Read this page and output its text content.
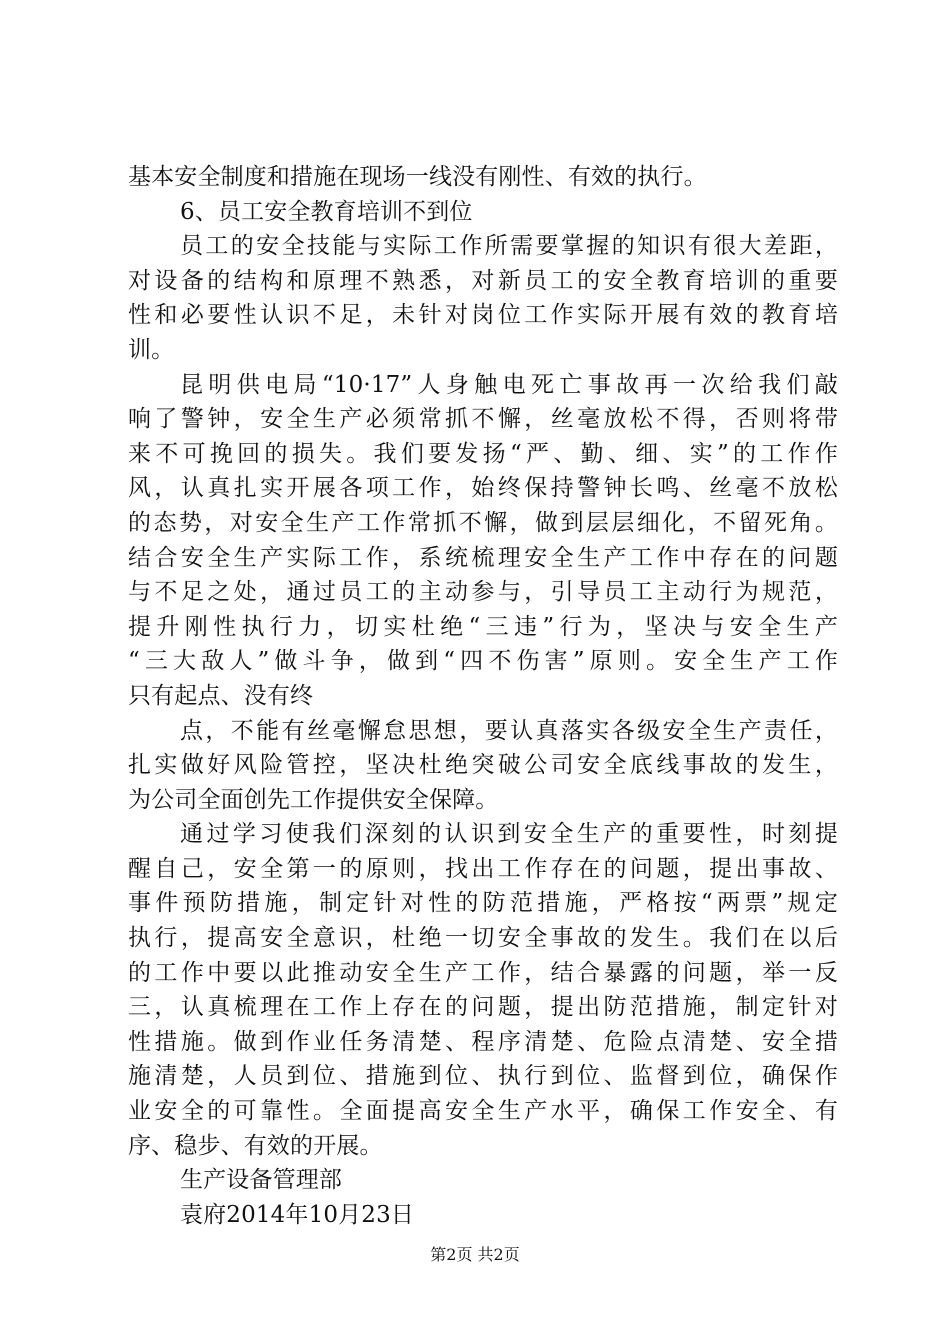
基本安全制度和措施在现场一线没有刚性、有效的执行。
6、员工安全教育培训不到位
员工的安全技能与实际工作所需要掌握的知识有很大差距，
对设备的结构和原理不熟悉，对新员工的安全教育培训的重要
性和必要性认识不足，未针对岗位工作实际开展有效的教育培
训。
昆明供电局“10·17”人身触电死亡事故再一次给我们敲
响了警钟，安全生产必须常抓不懈，丝毫放松不得，否则将带
来不可挽回的损失。我们要发扬“严、勤、细、实”的工作作
风，认真扎实开展各项工作，始终保持警钟长鸣、丝毫不放松
的态势，对安全生产工作常抓不懈，做到层层细化，不留死角。
结合安全生产实际工作，系统梳理安全生产工作中存在的问题
与不足之处，通过员工的主动参与，引导员工主动行为规范，
提升刚性执行力，切实杜绝“三违”行为，坚决与安全生产
“三大敌人”做斗争，做到“四不伤害”原则。安全生产工作
只有起点、没有终
点，不能有丝毫懈怠思想，要认真落实各级安全生产责任，
扎实做好风险管控，坚决杜绝突破公司安全底线事故的发生，
为公司全面创先工作提供安全保障。
通过学习使我们深刻的认识到安全生产的重要性，时刻提
醒自己，安全第一的原则，找出工作存在的问题，提出事故、
事件预防措施，制定针对性的防范措施，严格按“两票”规定
执行，提高安全意识，杜绝一切安全事故的发生。我们在以后
的工作中要以此推动安全生产工作，结合暴露的问题，举一反
三，认真梳理在工作上存在的问题，提出防范措施，制定针对
性措施。做到作业任务清楚、程序清楚、危险点清楚、安全措
施清楚，人员到位、措施到位、执行到位、监督到位，确保作
业安全的可靠性。全面提高安全生产水平，确保工作安全、有
序、稳步、有效的开展。
生产设备管理部
袁府2014年10月23日
第2页 共2页
